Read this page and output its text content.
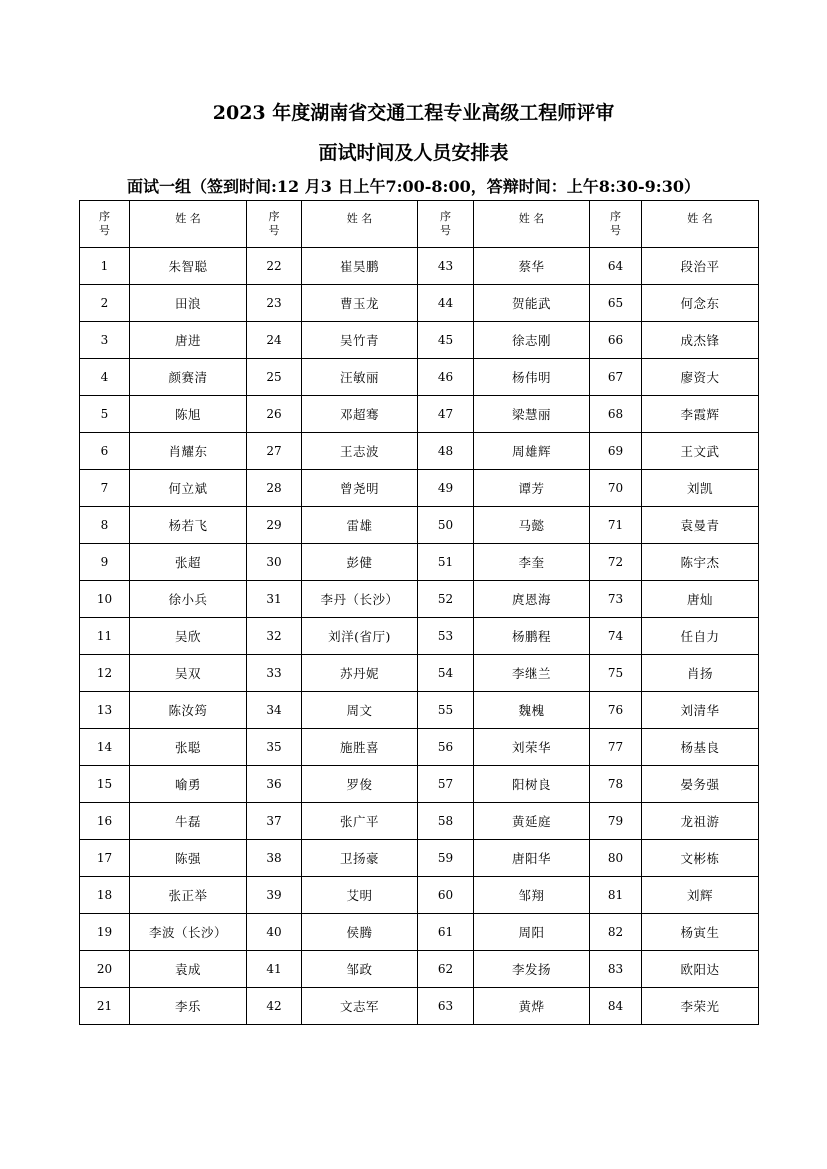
2023 年度湖南省交通工程专业高级工程师评审
面试时间及人员安排表
面试一组（签到时间:12 月3 日上午7:00-8:00，答辩时间：上午8:30-9:30）
序号	姓 名	序号	姓 名	序号	姓 名	序号	姓 名
1	朱智聪	22	崔昊鹏	43	蔡华	64	段治平
2	田浪	23	曹玉龙	44	贺能武	65	何念东
3	唐进	24	吴竹青	45	徐志刚	66	成杰锋
4	颜赛清	25	汪敏丽	46	杨伟明	67	廖资大
5	陈旭	26	邓超骞	47	梁慧丽	68	李霞辉
6	肖耀东	27	王志波	48	周雄辉	69	王文武
7	何立斌	28	曾尧明	49	谭芳	70	刘凯
8	杨若飞	29	雷雄	50	马懿	71	袁曼青
9	张超	30	彭健	51	李奎	72	陈宇杰
10	徐小兵	31	李丹（长沙）	52	庹恩海	73	唐灿
11	吴欣	32	刘洋(省厅)	53	杨鹏程	74	任自力
12	吴双	33	苏丹妮	54	李继兰	75	肖扬
13	陈汝筠	34	周文	55	魏槐	76	刘清华
14	张聪	35	施胜喜	56	刘荣华	77	杨基良
15	喻勇	36	罗俊	57	阳树良	78	晏务强
16	牛磊	37	张广平	58	黄延庭	79	龙祖游
17	陈强	38	卫扬豪	59	唐阳华	80	文彬栋
18	张正举	39	艾明	60	邹翔	81	刘辉
19	李波（长沙）	40	侯腾	61	周阳	82	杨寅生
20	袁成	41	邹政	62	李发扬	83	欧阳达
21	李乐	42	文志军	63	黄烨	84	李荣光
